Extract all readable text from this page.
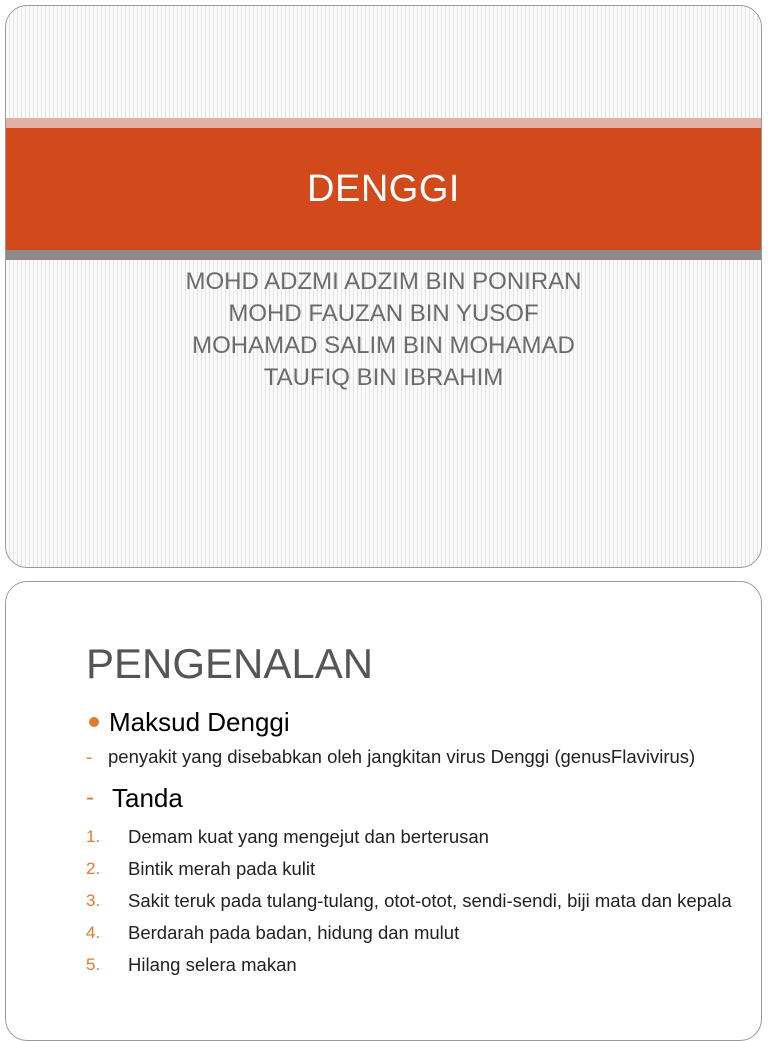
DENGGI
MOHD ADZMI ADZIM BIN PONIRAN
MOHD FAUZAN BIN YUSOF
MOHAMAD SALIM BIN MOHAMAD
TAUFIQ BIN IBRAHIM
PENGENALAN
Maksud Denggi
- penyakit yang disebabkan oleh jangkitan virus Denggi (genusFlavivirus)
- Tanda
1.	Demam kuat yang mengejut dan berterusan
2.	Bintik merah pada kulit
3.	Sakit teruk pada tulang-tulang, otot-otot, sendi-sendi, biji mata dan kepala
4.	Berdarah pada badan, hidung dan mulut
5.	Hilang selera makan
